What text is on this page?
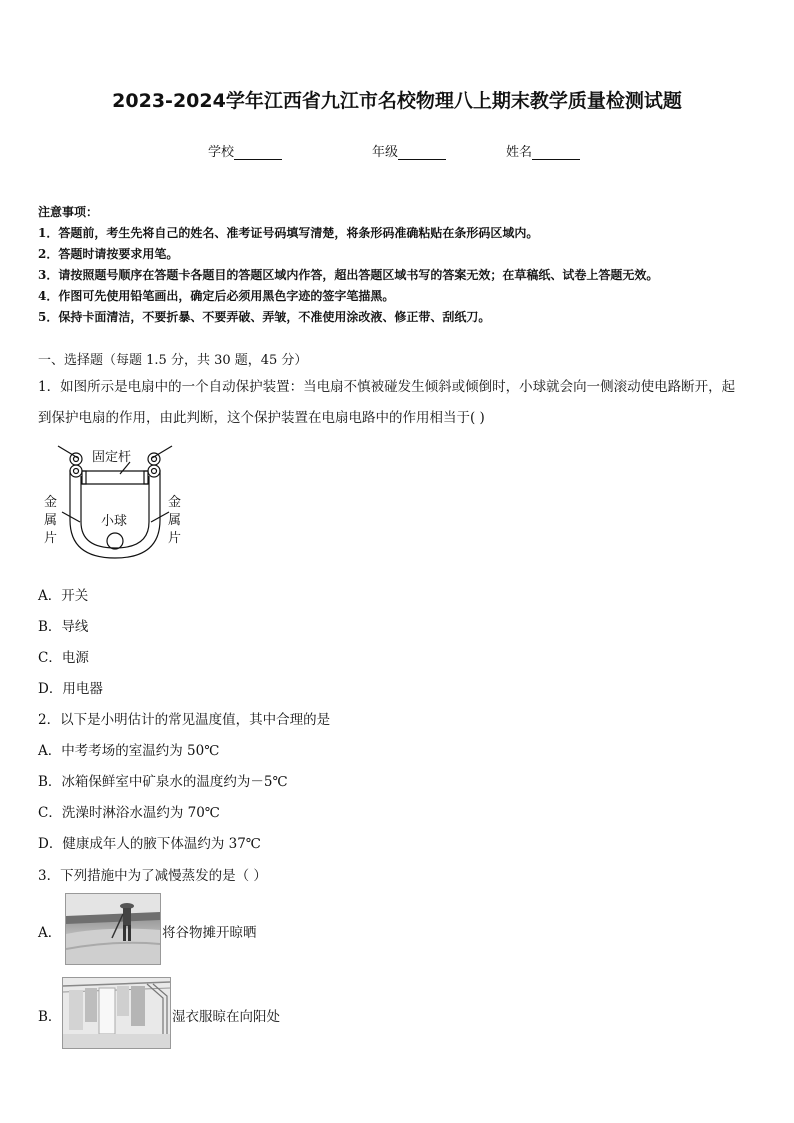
2023-2024学年江西省九江市名校物理八上期末教学质量检测试题
学校	年级	姓名
注意事项：
1．答题前，考生先将自己的姓名、准考证号码填写清楚，将条形码准确粘贴在条形码区域内。
2．答题时请按要求用笔。
3．请按照题号顺序在答题卡各题目的答题区域内作答，超出答题区域书写的答案无效；在草稿纸、试卷上答题无效。
4．作图可先使用铅笔画出，确定后必须用黑色字迹的签字笔描黑。
5．保持卡面清洁，不要折暴、不要弄破、弄皱，不准使用涂改液、修正带、刮纸刀。
一、选择题（每题 1.5 分，共 30 题，45 分）
1．如图所示是电扇中的一个自动保护装置：当电扇不慎被碰发生倾斜或倾倒时，小球就会向一侧滚动使电路断开，起
到保护电扇的作用，由此判断，这个保护装置在电扇电路中的作用相当于( )
固定杆
小球
金
属
片
金
属
片
A．开关
B．导线
C．电源
D．用电器
2．以下是小明估计的常见温度值，其中合理的是
A．中考考场的室温约为 50℃
B．冰箱保鲜室中矿泉水的温度约为－5℃
C．洗澡时淋浴水温约为 70℃
D．健康成年人的腋下体温约为 37℃
3．下列措施中为了减慢蒸发的是（ ）
A．	将谷物摊开晾晒
B．	湿衣服晾在向阳处
